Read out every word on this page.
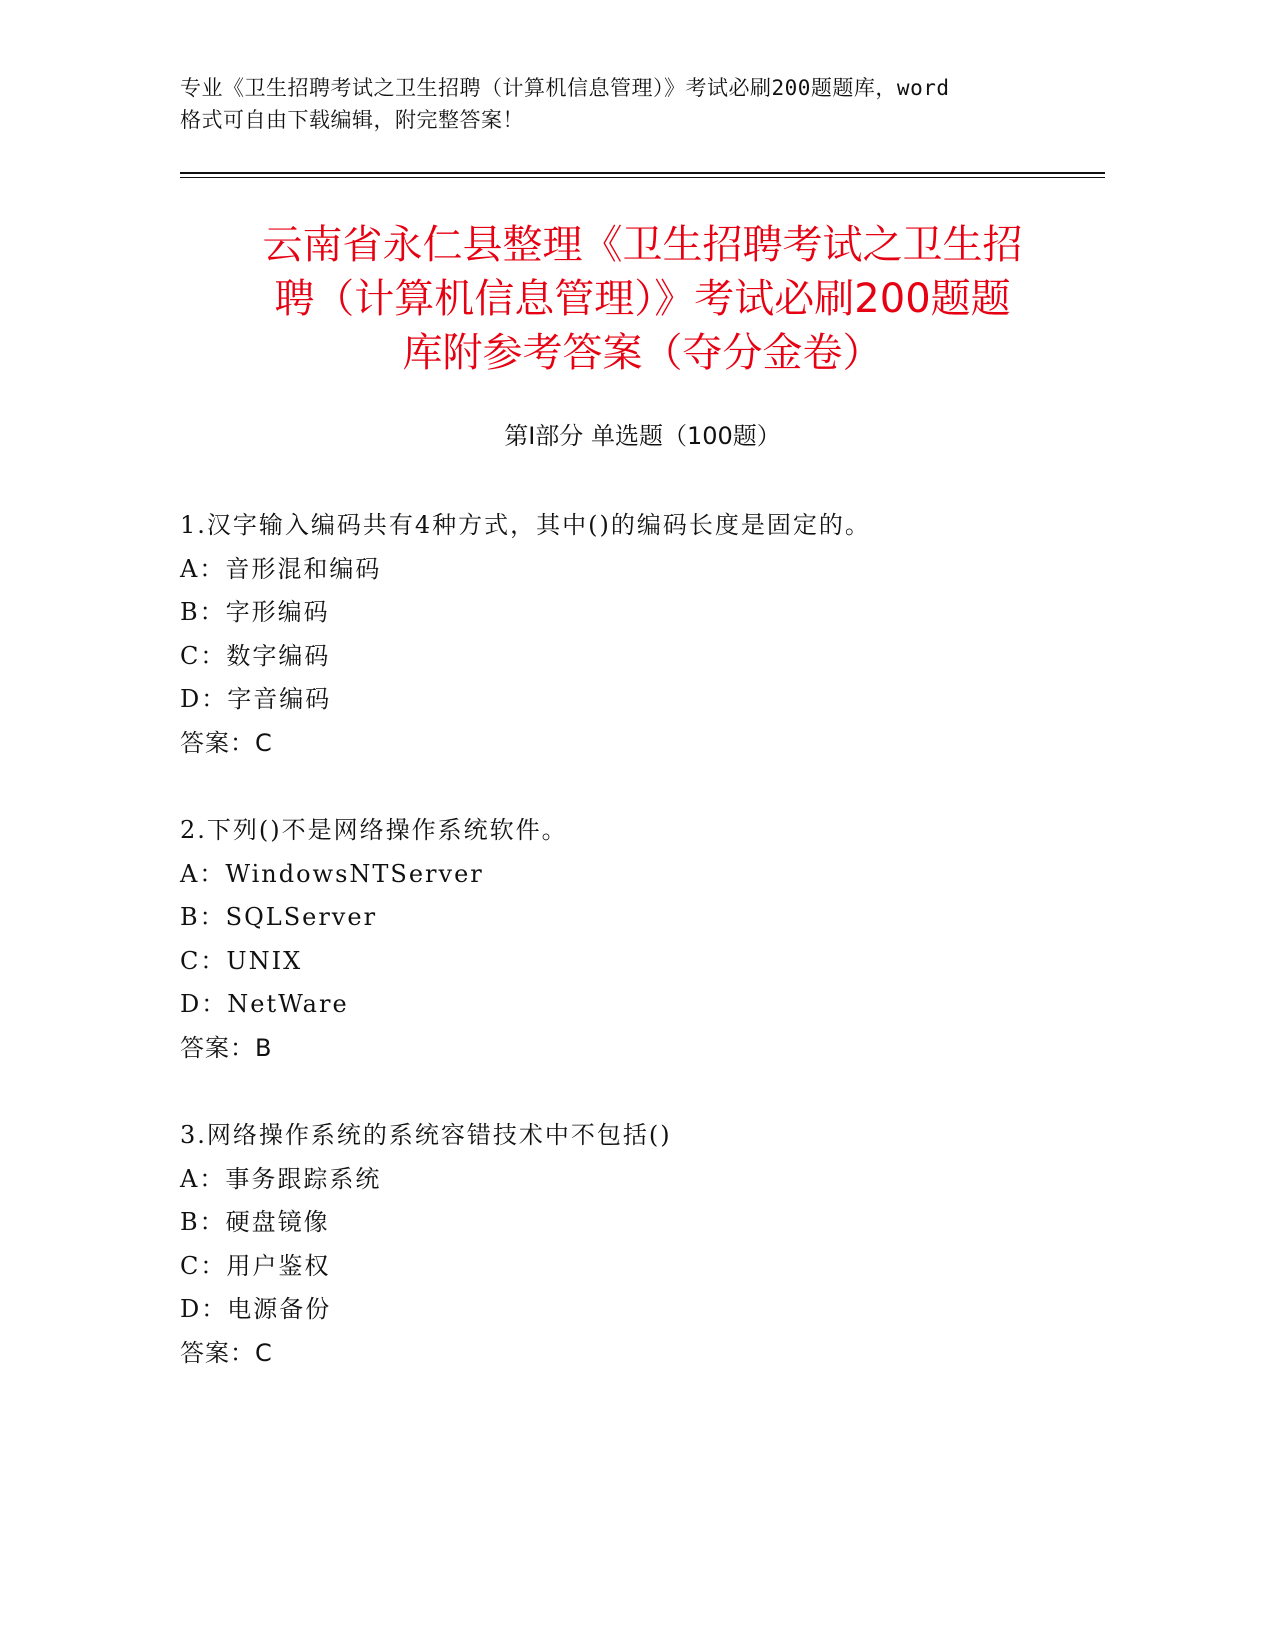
专业《卫生招聘考试之卫生招聘（计算机信息管理）》考试必刷200题题库，word
格式可自由下载编辑，附完整答案！
云南省永仁县整理《卫生招聘考试之卫生招
聘（计算机信息管理）》考试必刷200题题
库附参考答案（夺分金卷）
第Ⅰ部分 单选题（100题）
1.汉字输入编码共有4种方式，其中()的编码长度是固定的。
A：音形混和编码
B：字形编码
C：数字编码
D：字音编码
答案：C
2.下列()不是网络操作系统软件。
A：WindowsNTServer
B：SQLServer
C：UNIX
D：NetWare
答案：B
3.网络操作系统的系统容错技术中不包括()
A：事务跟踪系统
B：硬盘镜像
C：用户鉴权
D：电源备份
答案：C
